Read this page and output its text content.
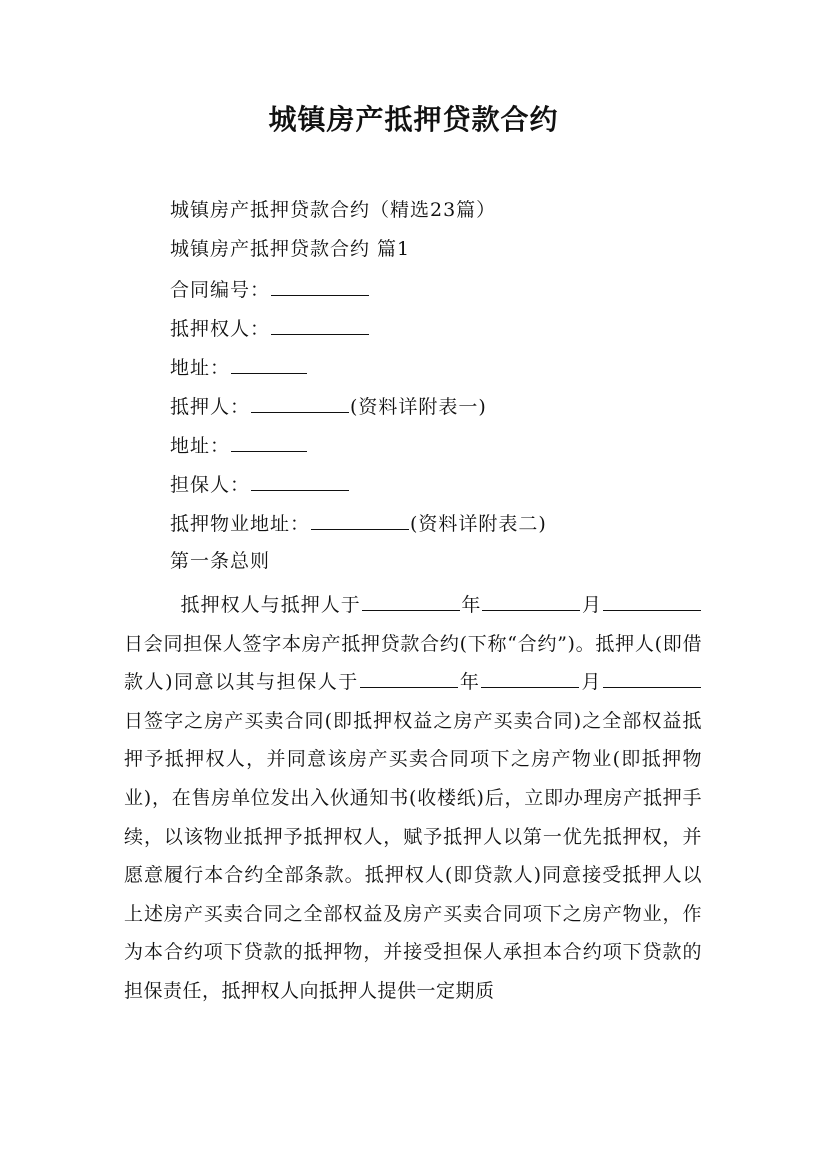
城镇房产抵押贷款合约
城镇房产抵押贷款合约（精选23篇）
城镇房产抵押贷款合约 篇1
合同编号：
抵押权人：
地址：
抵押人：	(资料详附表一)
地址：
担保人：
抵押物业地址：	(资料详附表二)
第一条总则
抵押权人与抵押人于	年	月日会同担保人签字本房产抵押贷款合约(下称“合约”)。抵押人(即借款人)同意以其与担保人于	年	月日签字之房产买卖合同(即抵押权益之房产买卖合同)之全部权益抵押予抵押权人，并同意该房产买卖合同项下之房产物业(即抵押物业)，在售房单位发出入伙通知书(收楼纸)后，立即办理房产抵押手续，以该物业抵押予抵押权人，赋予抵押人以第一优先抵押权，并愿意履行本合约全部条款。抵押权人(即贷款人)同意接受抵押人以上述房产买卖合同之全部权益及房产买卖合同项下之房产物业，作为本合约项下贷款的抵押物，并接受担保人承担本合约项下贷款的担保责任，抵押权人向抵押人提供一定期质
